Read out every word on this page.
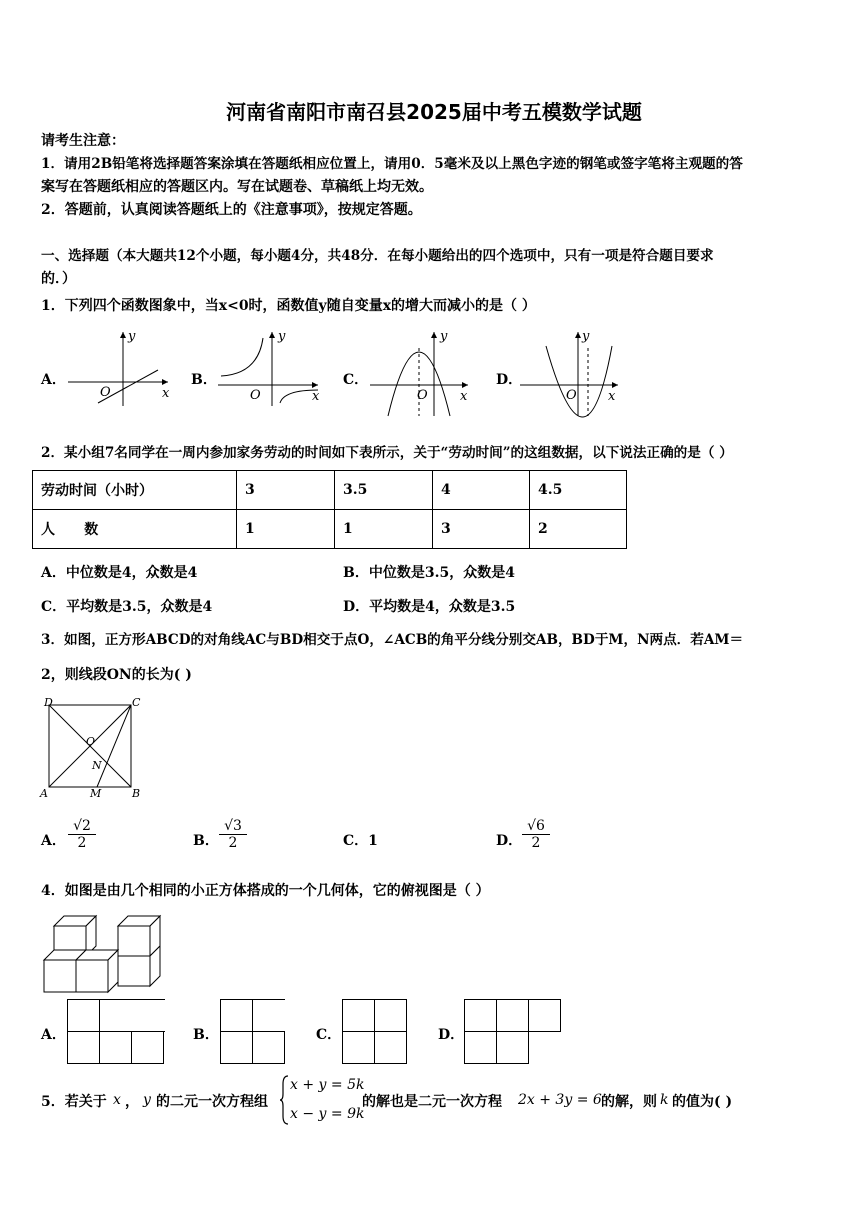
河南省南阳市南召县2025届中考五模数学试题
请考生注意：
1．请用2B铅笔将选择题答案涂填在答题纸相应位置上，请用0．5毫米及以上黑色字迹的钢笔或签字笔将主观题的答
案写在答题纸相应的答题区内。写在试题卷、草稿纸上均无效。
2．答题前，认真阅读答题纸上的《注意事项》，按规定答题。
一、选择题（本大题共12个小题，每小题4分，共48分．在每小题给出的四个选项中，只有一项是符合题目要求
的．）
1．下列四个函数图象中，当x<0时，函数值y随自变量x的增大而减小的是（ ）
A．
y
x
O
B．
y
x
O
C．
y
x
O
D．
y
x
O
2．某小组7名同学在一周内参加家务劳动的时间如下表所示，关于“劳动时间”的这组数据，以下说法正确的是（ ）
劳动时间（小时）	3	3.5	4	4.5
人      数	1	1	3	2
A．中位数是4，众数是4	B．中位数是3.5，众数是4
C．平均数是3.5，众数是4	D．平均数是4，众数是3.5
3．如图，正方形ABCD的对角线AC与BD相交于点O，∠ACB的角平分线分别交AB，BD于M，N两点．若AM＝
2，则线段ON的长为( )
D	C
O
N
A	M	B
A． $\frac{√2}{2}$	B． $\frac{√3}{2}$	C．1	D． $\frac{√6}{2}$
4．如图是由几个相同的小正方体搭成的一个几何体，它的俯视图是（ ）
A．	B．	C．	D．
5．若关于 x ， y 的二元一次方程组
x + y = 5k
x − y = 9k
的解也是二元一次方程 2x + 3y = 6 的解，则 k 的值为( )
